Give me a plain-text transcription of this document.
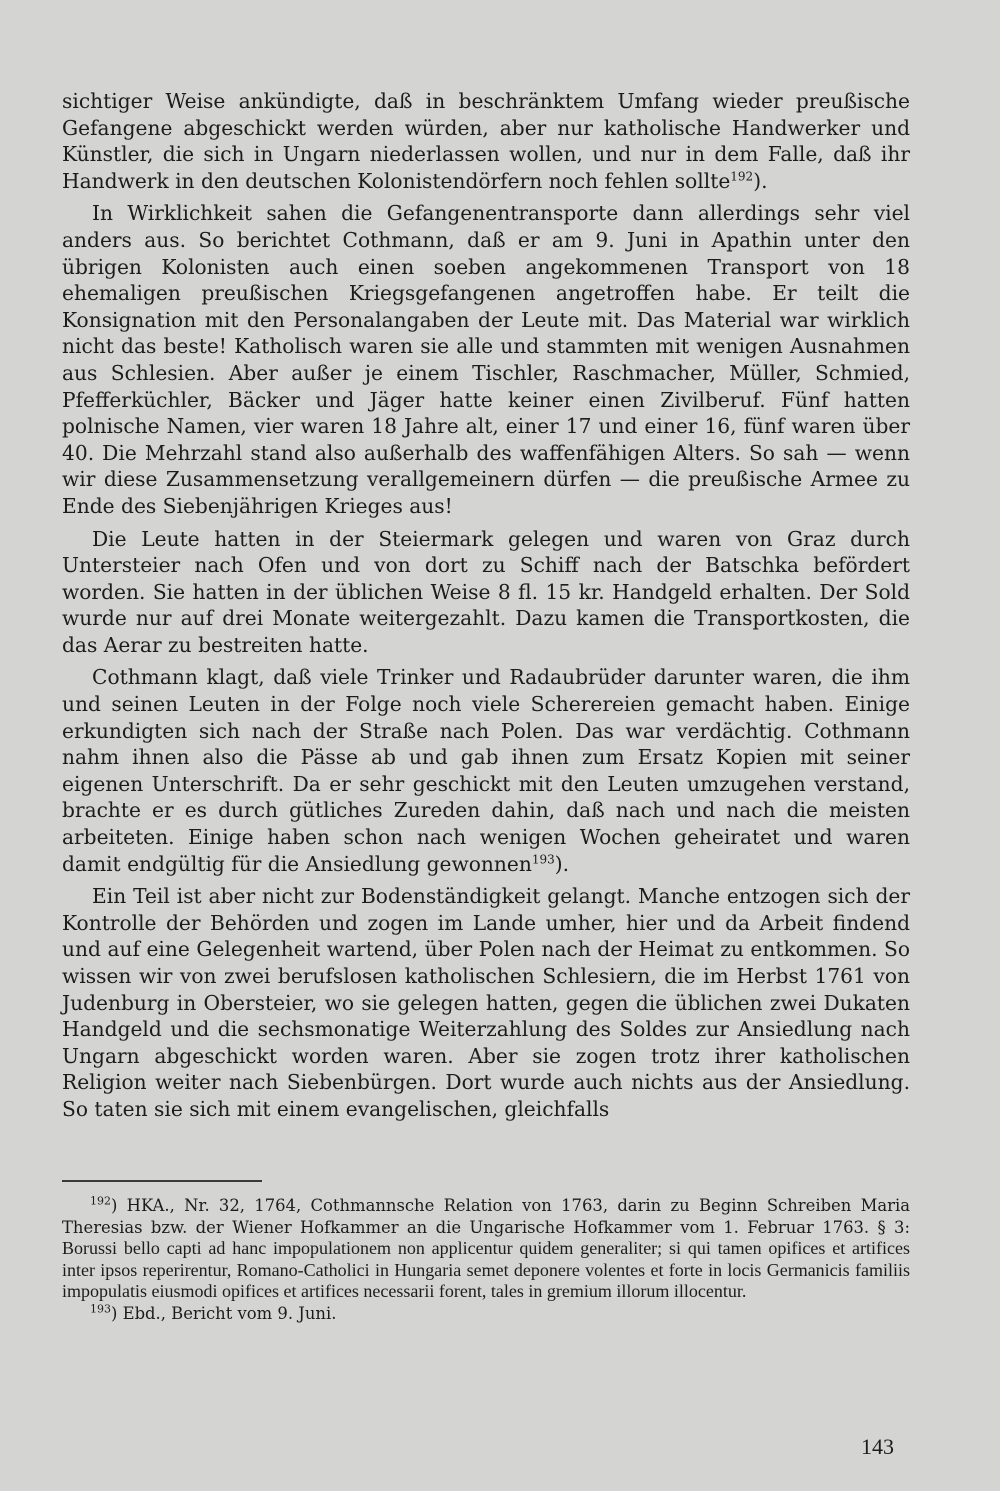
sichtiger Weise ankündigte, daß in beschränktem Umfang wieder preußische Gefangene abgeschickt werden würden, aber nur katholische Handwerker und Künstler, die sich in Ungarn niederlassen wollen, und nur in dem Falle, daß ihr Handwerk in den deutschen Kolonistendörfern noch fehlen sollte$^{192}$).

In Wirklichkeit sahen die Gefangenentransporte dann allerdings sehr viel anders aus. So berichtet Cothmann, daß er am 9. Juni in Apathin unter den übrigen Kolonisten auch einen soeben angekommenen Transport von 18 ehemaligen preußischen Kriegsgefangenen angetroffen habe. Er teilt die Konsignation mit den Personalangaben der Leute mit. Das Material war wirklich nicht das beste! Katholisch waren sie alle und stammten mit wenigen Ausnahmen aus Schlesien. Aber außer je einem Tischler, Raschmacher, Müller, Schmied, Pfefferküchler, Bäcker und Jäger hatte keiner einen Zivilberuf. Fünf hatten polnische Namen, vier waren 18 Jahre alt, einer 17 und einer 16, fünf waren über 40. Die Mehrzahl stand also außerhalb des waffenfähigen Alters. So sah — wenn wir diese Zusammensetzung verallgemeinern dürfen — die preußische Armee zu Ende des Siebenjährigen Krieges aus!

Die Leute hatten in der Steiermark gelegen und waren von Graz durch Untersteier nach Ofen und von dort zu Schiff nach der Batschka befördert worden. Sie hatten in der üblichen Weise 8 fl. 15 kr. Handgeld erhalten. Der Sold wurde nur auf drei Monate weitergezahlt. Dazu kamen die Transportkosten, die das Aerar zu bestreiten hatte.

Cothmann klagt, daß viele Trinker und Radaubrüder darunter waren, die ihm und seinen Leuten in der Folge noch viele Scherereien gemacht haben. Einige erkundigten sich nach der Straße nach Polen. Das war verdächtig. Cothmann nahm ihnen also die Pässe ab und gab ihnen zum Ersatz Kopien mit seiner eigenen Unterschrift. Da er sehr geschickt mit den Leuten umzugehen verstand, brachte er es durch gütliches Zureden dahin, daß nach und nach die meisten arbeiteten. Einige haben schon nach wenigen Wochen geheiratet und waren damit endgültig für die Ansiedlung gewonnen$^{193}$).

Ein Teil ist aber nicht zur Bodenständigkeit gelangt. Manche entzogen sich der Kontrolle der Behörden und zogen im Lande umher, hier und da Arbeit findend und auf eine Gelegenheit wartend, über Polen nach der Heimat zu entkommen. So wissen wir von zwei berufslosen katholischen Schlesiern, die im Herbst 1761 von Judenburg in Obersteier, wo sie gelegen hatten, gegen die üblichen zwei Dukaten Handgeld und die sechsmonatige Weiterzahlung des Soldes zur Ansiedlung nach Ungarn abgeschickt worden waren. Aber sie zogen trotz ihrer katholischen Religion weiter nach Siebenbürgen. Dort wurde auch nichts aus der Ansiedlung. So taten sie sich mit einem evangelischen, gleichfalls

$^{192}$) HKA., Nr. 32, 1764, Cothmannsche Relation von 1763, darin zu Beginn Schreiben Maria Theresias bzw. der Wiener Hofkammer an die Ungarische Hofkammer vom 1. Februar 1763. § 3: Borussi bello capti ad hanc impopulationem non applicentur quidem generaliter; si qui tamen opifices et artifices inter ipsos reperirentur, Romano-Catholici in Hungaria semet deponere volentes et forte in locis Germanicis familiis impopulatis eiusmodi opifices et artifices necessarii forent, tales in gremium illorum illocentur.

$^{193}$) Ebd., Bericht vom 9. Juni.

143
